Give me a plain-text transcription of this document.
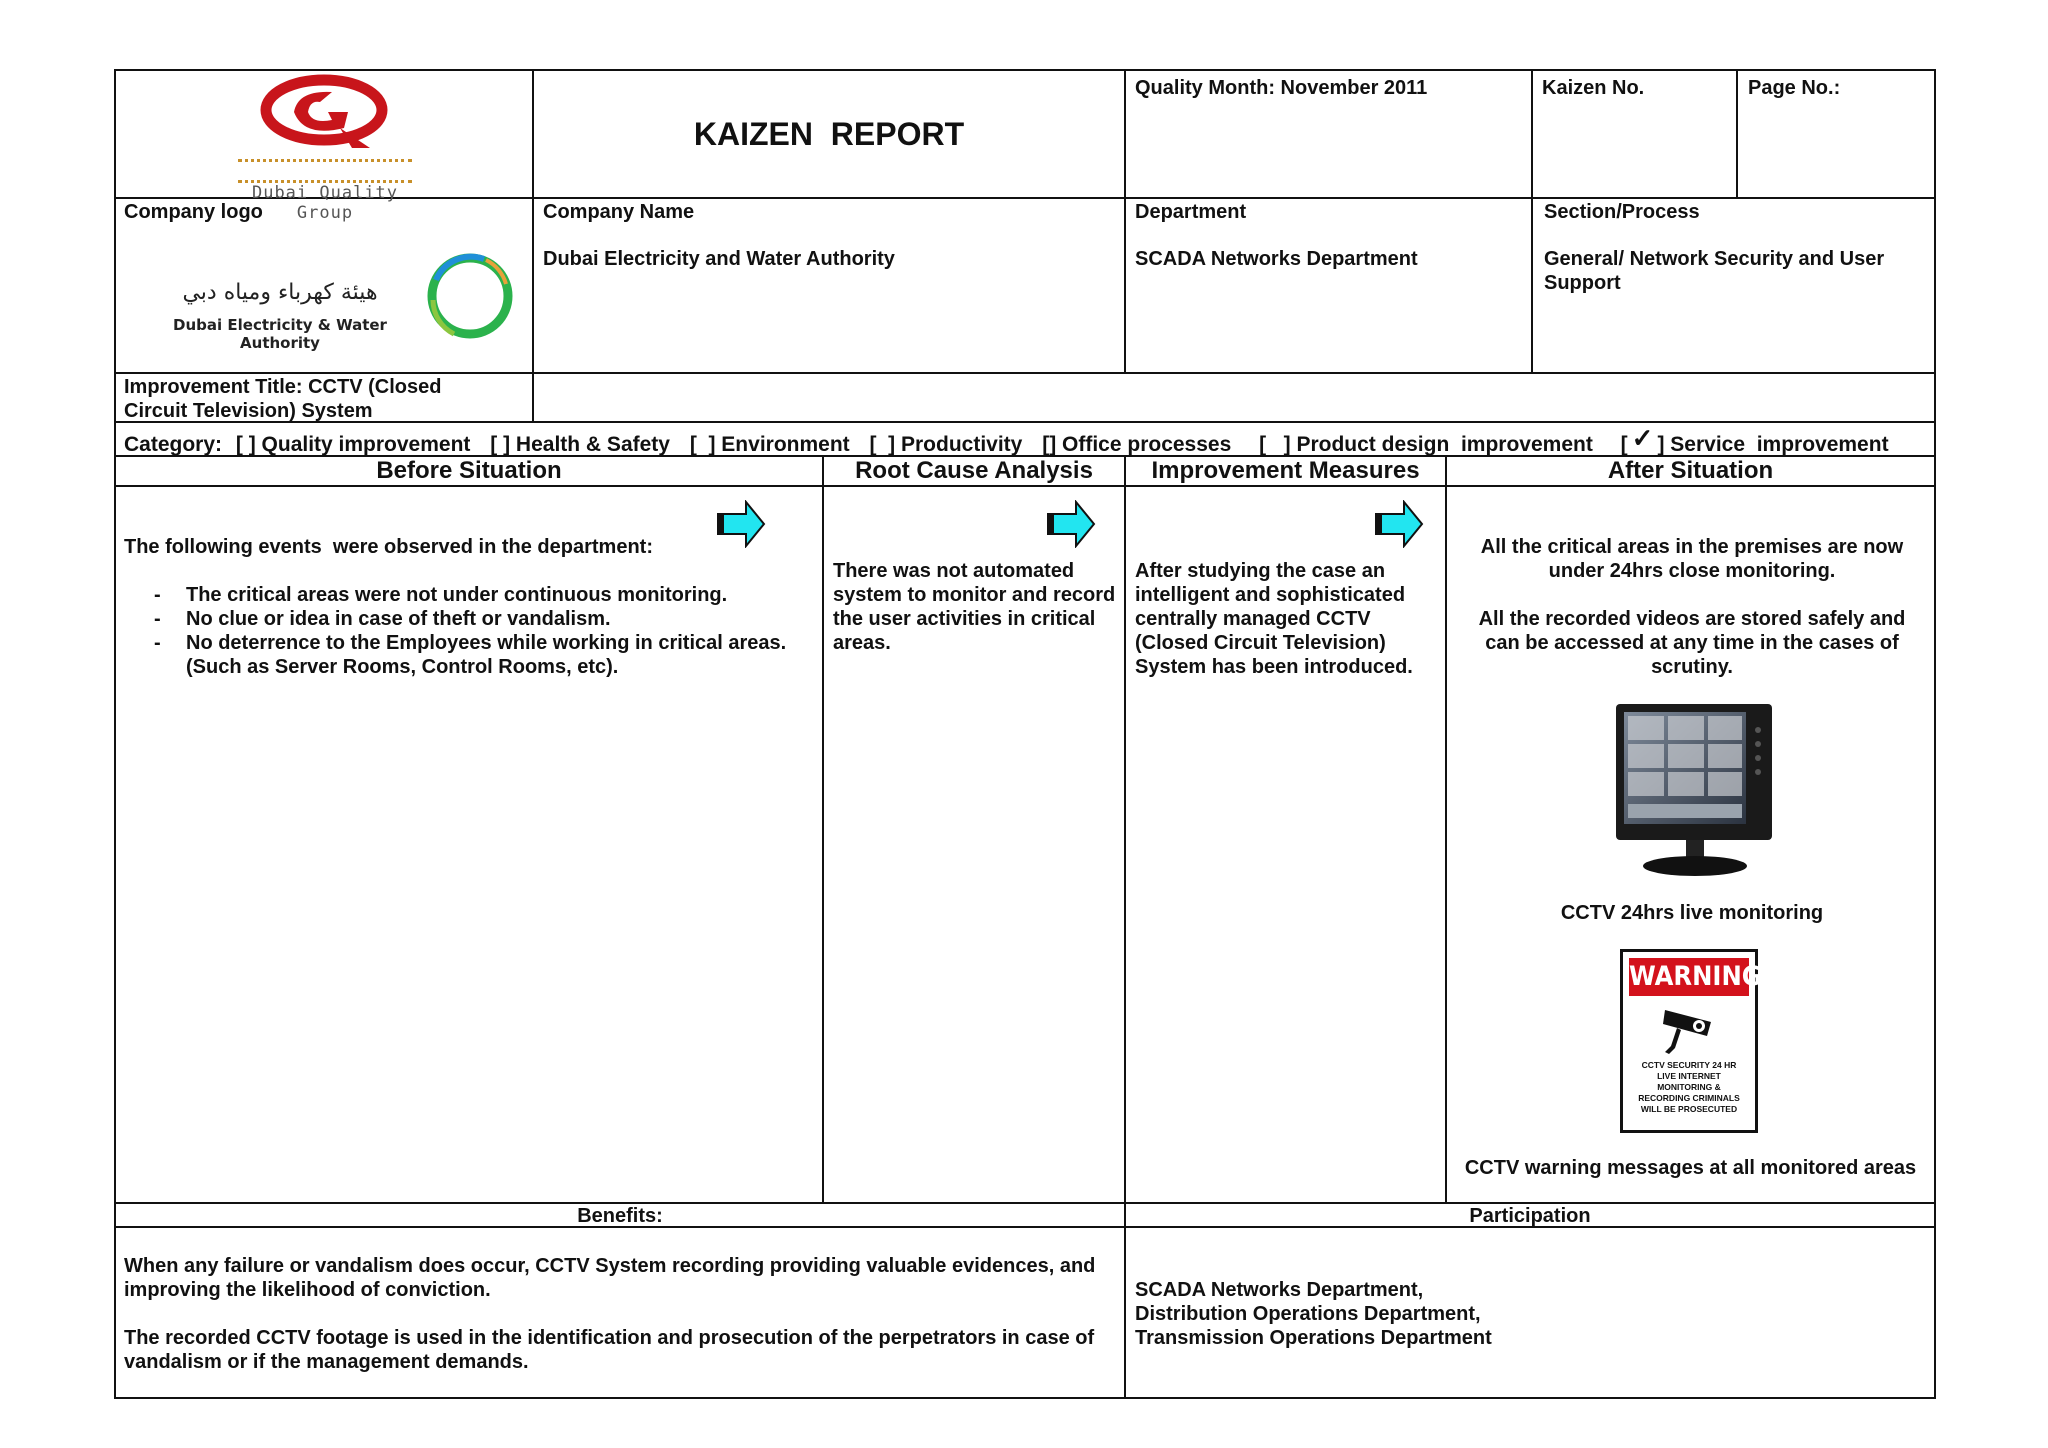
Dubai Quality Group
KAIZEN  REPORT
Quality Month: November 2011	Kaizen No.	Page No.:
Company logo
هيئة كهرباء ومياه دبي
Dubai Electricity & Water Authority
Company Name
Dubai Electricity and Water Authority
Department
SCADA Networks Department
Section/Process
General/ Network Security and User Support
Improvement Title: CCTV (Closed Circuit Television) System
Category: [ ] Quality improvement [ ] Health & Safety [  ] Environment [  ] Productivity [] Office processes [   ] Product design  improvement [ ✓ ] Service  improvement
Before Situation	Root Cause Analysis	Improvement Measures	After Situation
The following events  were observed in the department:
- The critical areas were not under continuous monitoring.
- No clue or idea in case of theft or vandalism.
- No deterrence to the Employees while working in critical areas. (Such as Server Rooms, Control Rooms, etc).
There was not automated system to monitor and record the user activities in critical areas.
After studying the case an intelligent and sophisticated centrally managed CCTV (Closed Circuit Television) System has been introduced.
All the critical areas in the premises are now under 24hrs close monitoring.
All the recorded videos are stored safely and can be accessed at any time in the cases of scrutiny.
CCTV 24hrs live monitoring
WARNING
CCTV SECURITY 24 HR LIVE INTERNET MONITORING & RECORDING CRIMINALS WILL BE PROSECUTED
CCTV warning messages at all monitored areas
Benefits:	Participation
When any failure or vandalism does occur, CCTV System recording providing valuable evidences, and improving the likelihood of conviction.
The recorded CCTV footage is used in the identification and prosecution of the perpetrators in case of vandalism or if the management demands.
SCADA Networks Department,
Distribution Operations Department,
Transmission Operations Department
